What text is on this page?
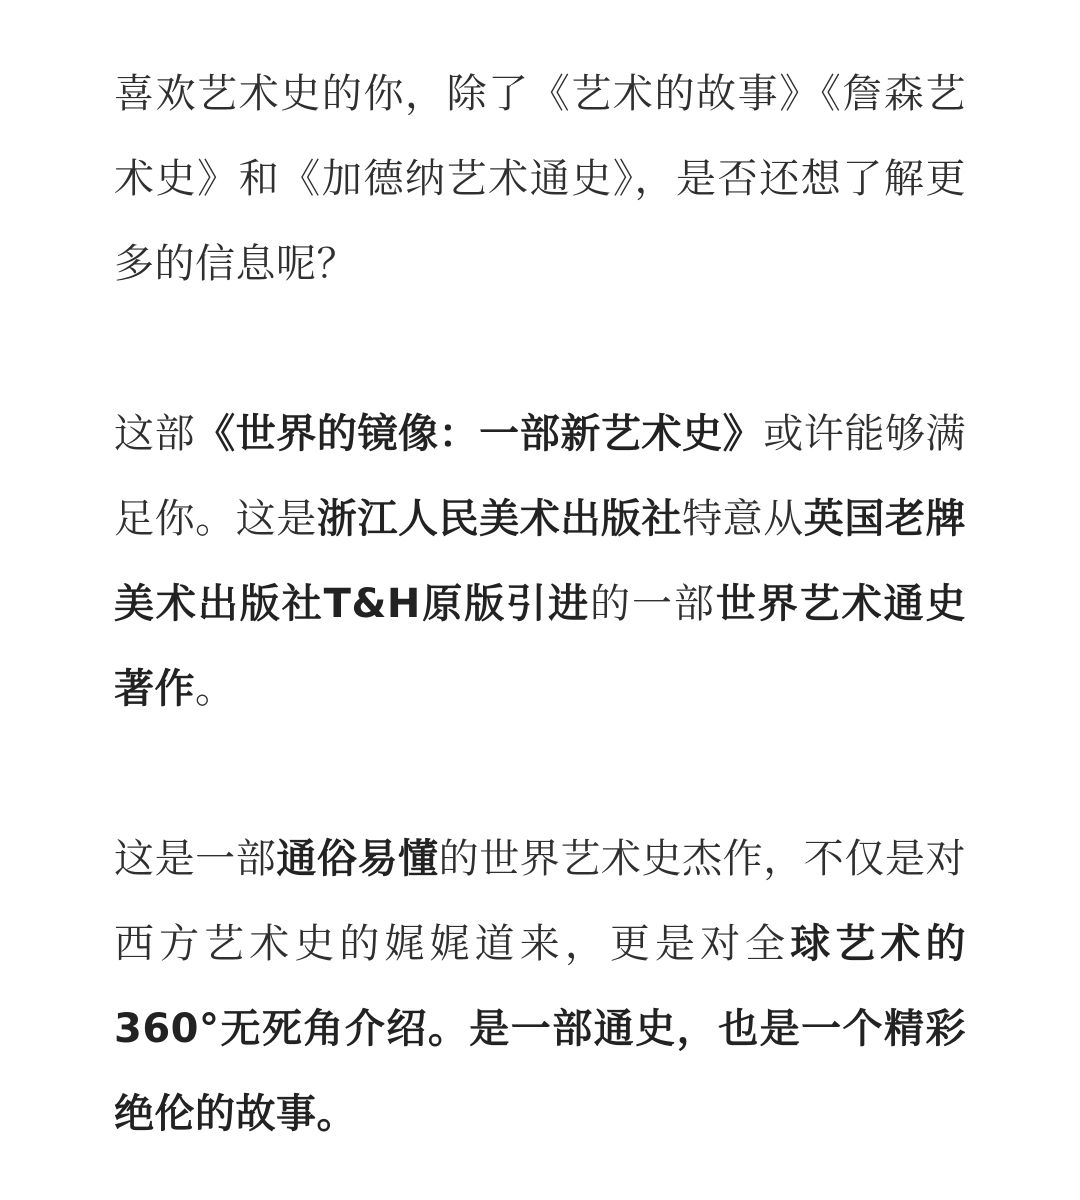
喜欢艺术史的你，除了《艺术的故事》《詹森艺术史》和《加德纳艺术通史》，是否还想了解更多的信息呢？

这部《世界的镜像：一部新艺术史》或许能够满足你。这是浙江人民美术出版社特意从英国老牌美术出版社T&H原版引进的一部世界艺术通史著作。

这是一部通俗易懂的世界艺术史杰作，不仅是对西方艺术史的娓娓道来，更是对全球艺术的360°无死角介绍。是一部通史，也是一个精彩绝伦的故事。
